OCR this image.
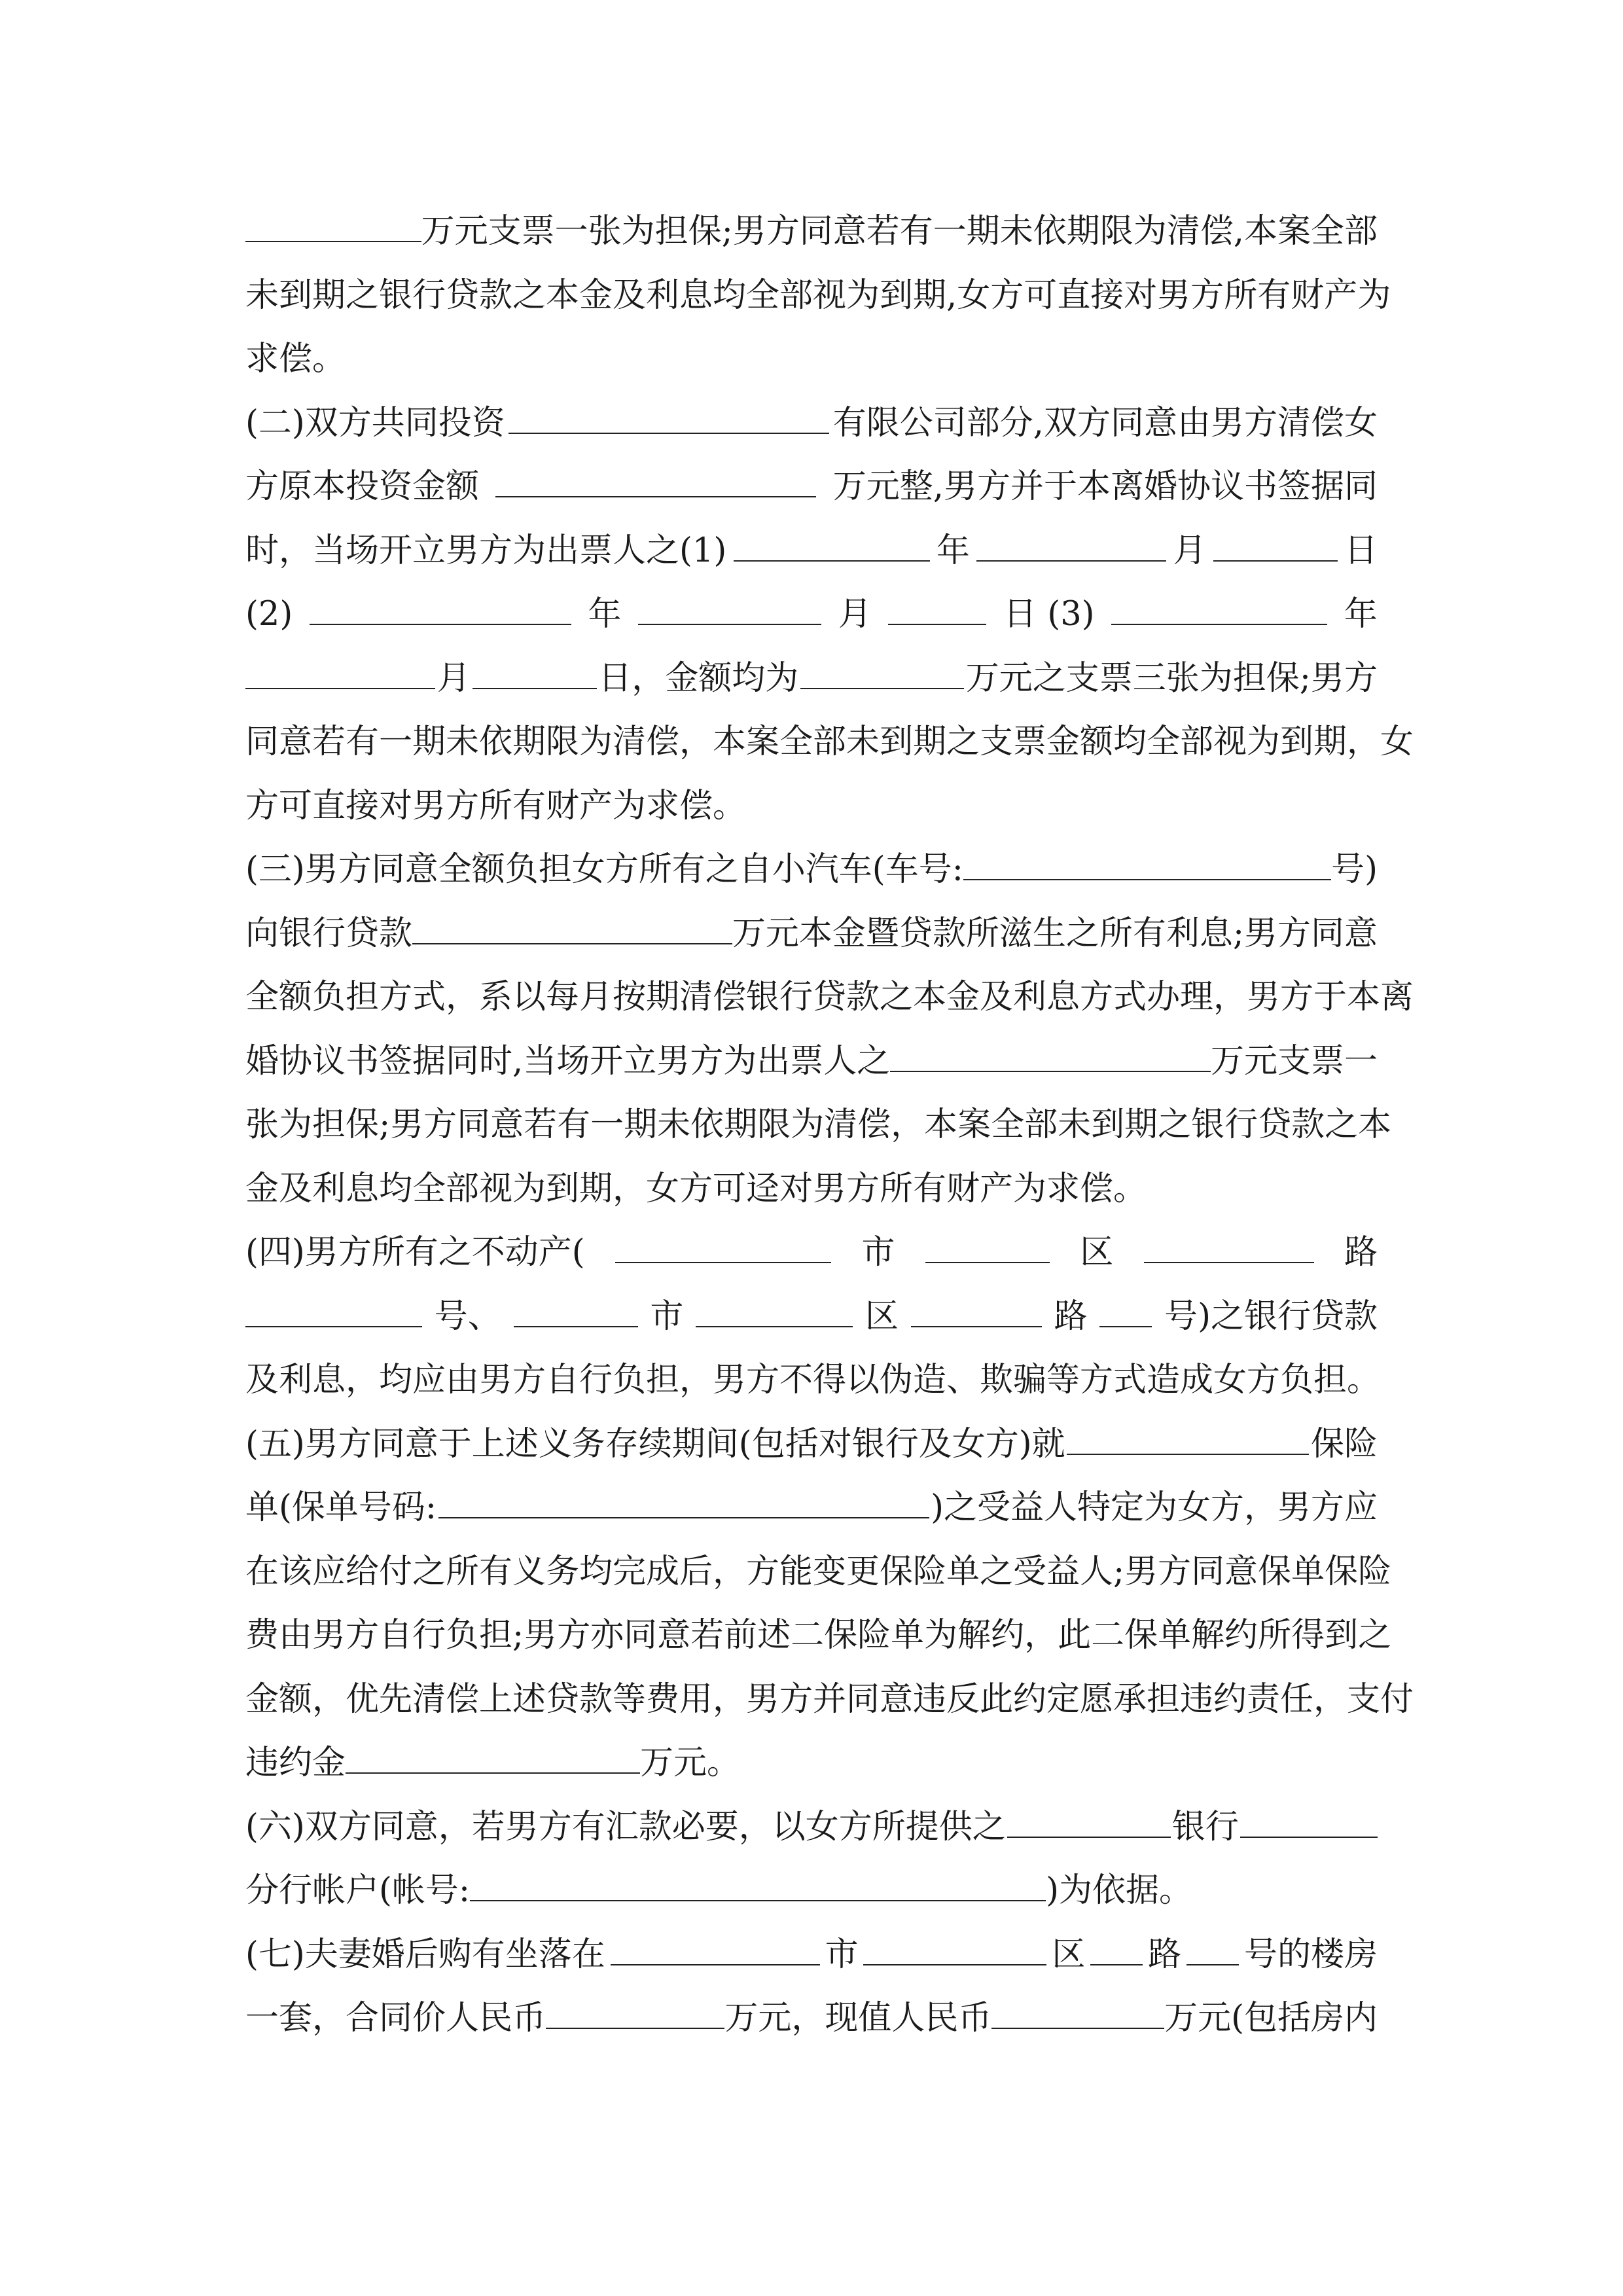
万元支票一张为担保;男方同意若有一期未依期限为清偿,本案全部
未到期之银行贷款之本金及利息均全部视为到期,女方可直接对男方所有财产为
求偿。
(二)双方共同投资	有限公司部分,双方同意由男方清偿女
方原本投资金额	万元整,男方并于本离婚协议书签据同
时，当场开立男方为出票人之(1)	年	月	日
(2)	年	月	日 (3)	年
月	日，金额均为	万元之支票三张为担保;男方
同意若有一期未依期限为清偿，本案全部未到期之支票金额均全部视为到期，女
方可直接对男方所有财产为求偿。
(三)男方同意全额负担女方所有之自小汽车(车号:	号)
向银行贷款	万元本金暨贷款所滋生之所有利息;男方同意
全额负担方式，系以每月按期清偿银行贷款之本金及利息方式办理，男方于本离
婚协议书签据同时,当场开立男方为出票人之	万元支票一
张为担保;男方同意若有一期未依期限为清偿，本案全部未到期之银行贷款之本
金及利息均全部视为到期，女方可迳对男方所有财产为求偿。
(四)男方所有之不动产(	市	区	路
号、	市	区	路 号)之银行贷款
及利息，均应由男方自行负担，男方不得以伪造、欺骗等方式造成女方负担。
(五)男方同意于上述义务存续期间(包括对银行及女方)就	保险
单(保单号码:	)之受益人特定为女方，男方应
在该应给付之所有义务均完成后，方能变更保险单之受益人;男方同意保单保险
费由男方自行负担;男方亦同意若前述二保险单为解约，此二保单解约所得到之
金额，优先清偿上述贷款等费用，男方并同意违反此约定愿承担违约责任，支付
违约金	万元。
(六)双方同意，若男方有汇款必要，以女方所提供之	银行
分行帐户(帐号:	)为依据。
(七)夫妻婚后购有坐落在	市	区 路 号的楼房
一套，合同价人民币	万元，现值人民币	万元(包括房内
